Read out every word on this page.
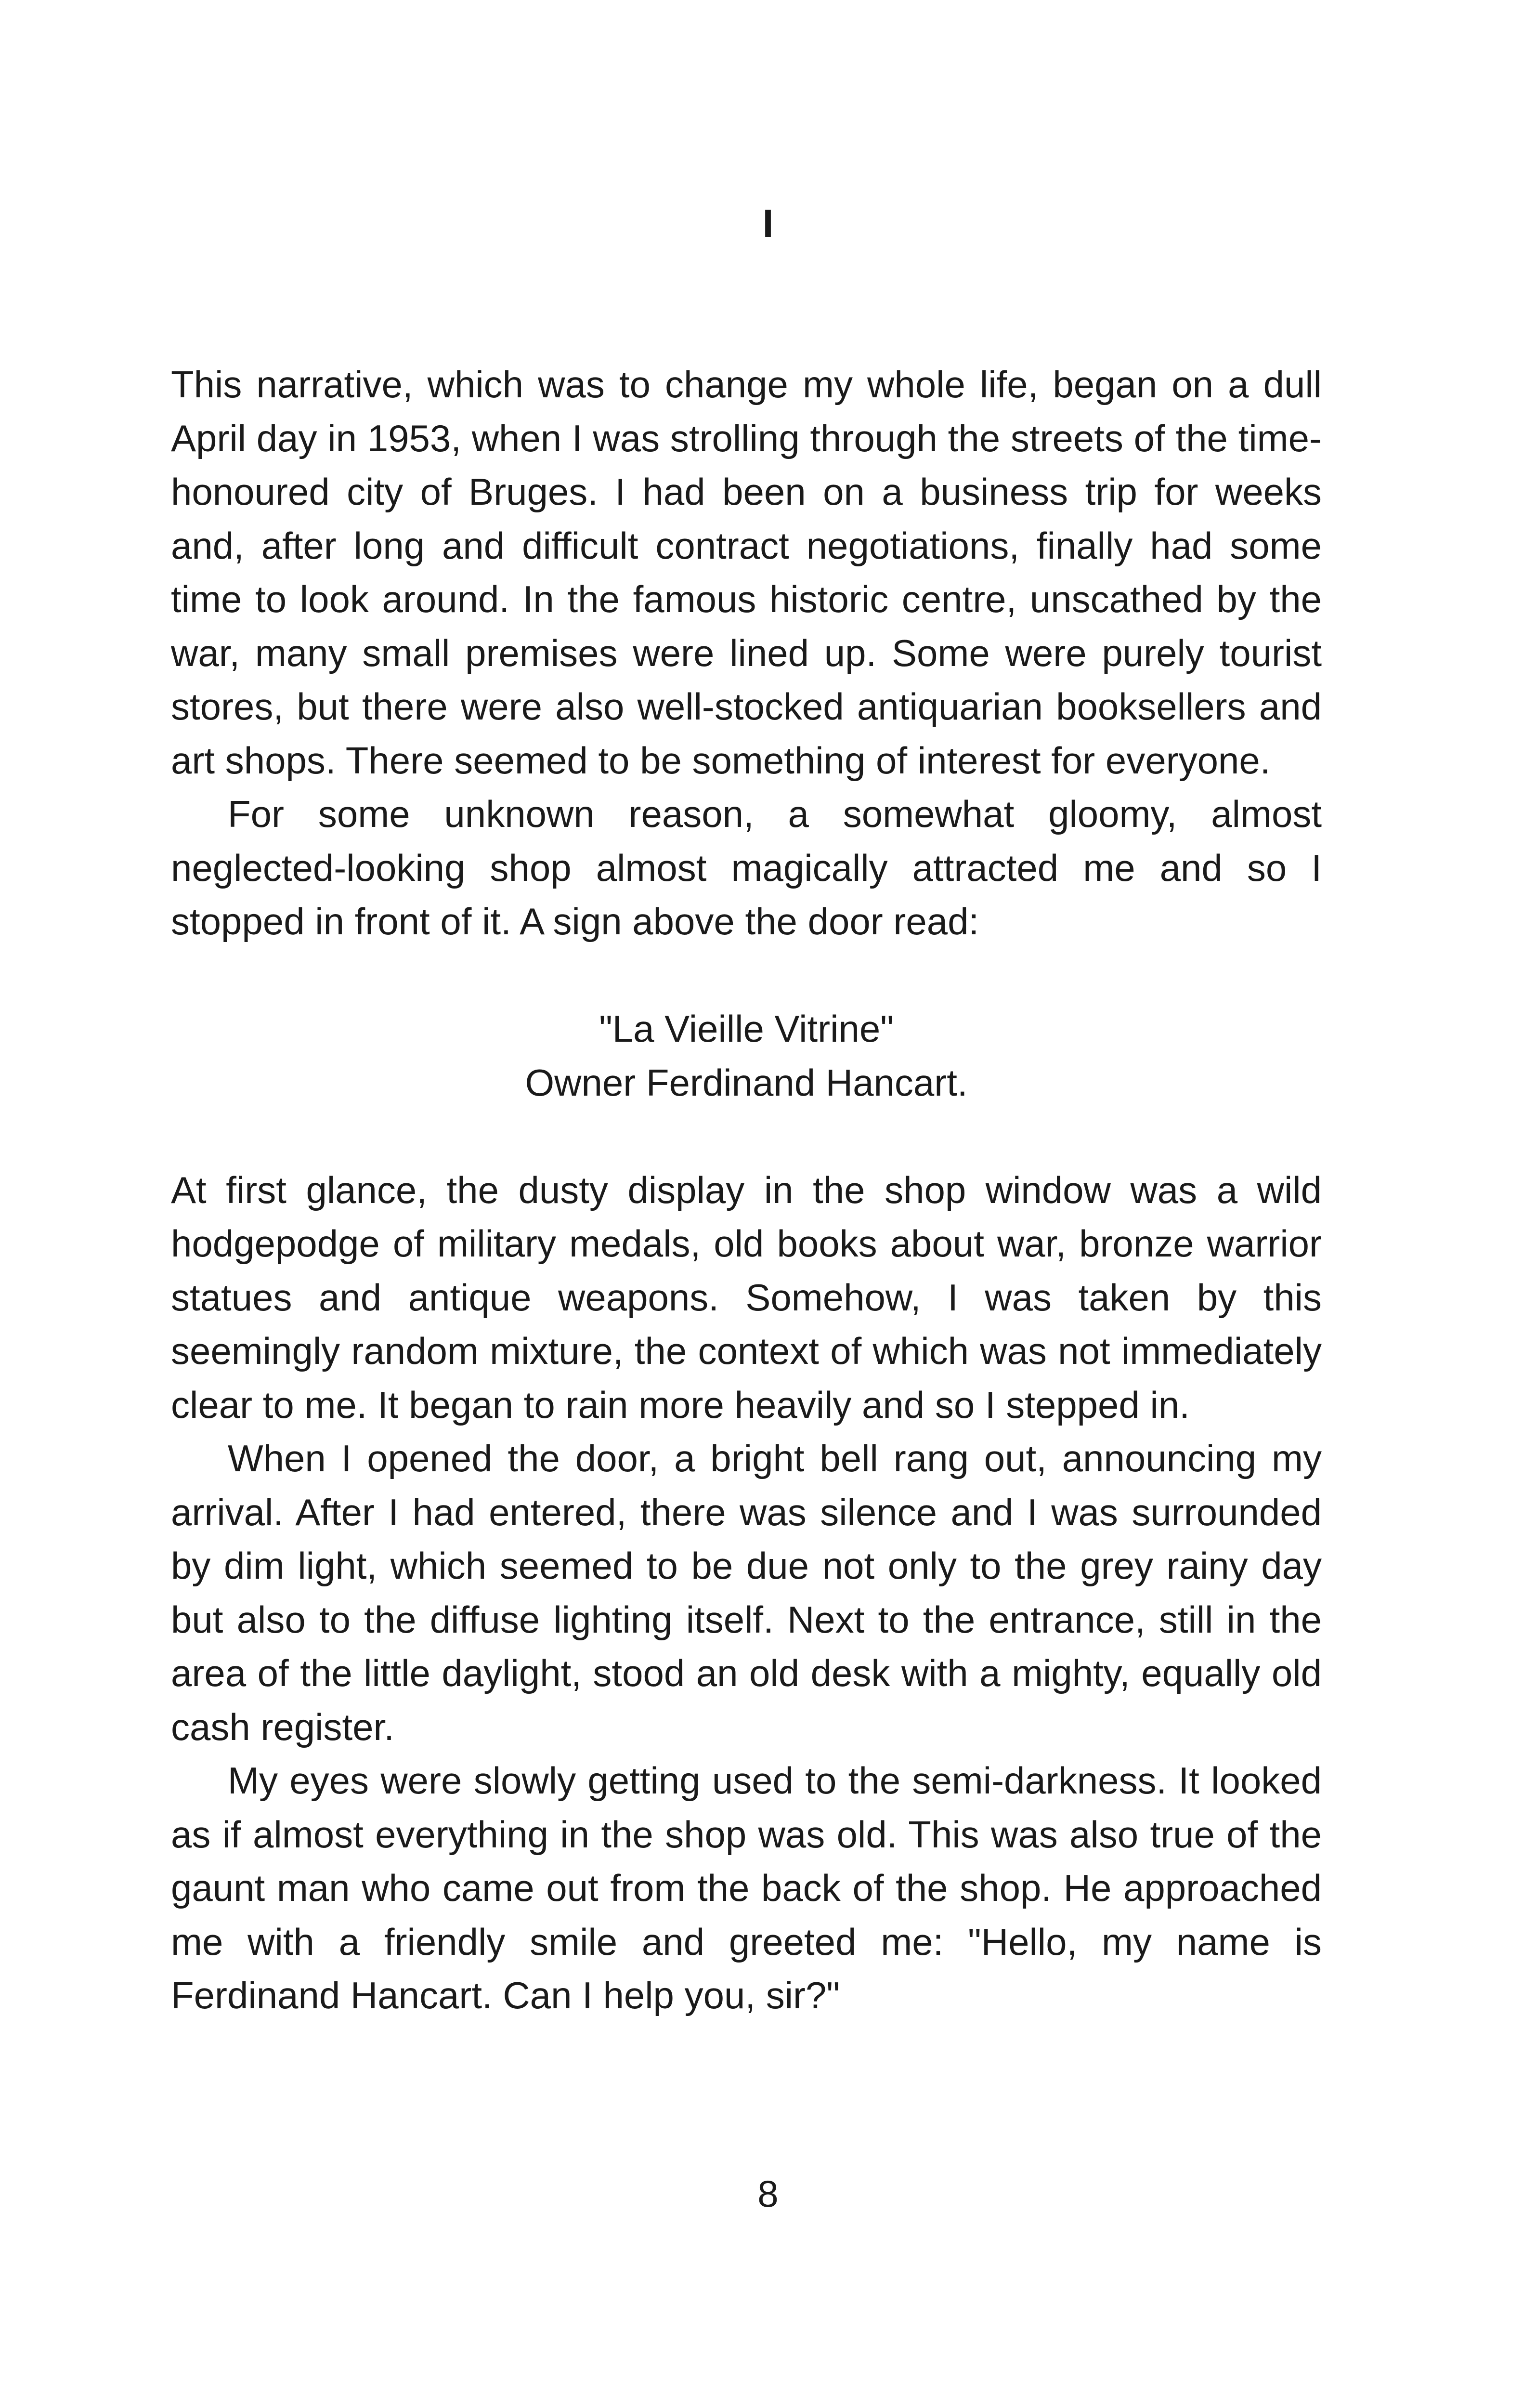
I

This narrative, which was to change my whole life, began on a dull April day in 1953, when I was strolling through the streets of the time-honoured city of Bruges. I had been on a business trip for weeks and, after long and difficult contract negotiations, finally had some time to look around. In the famous historic centre, unscathed by the war, many small premises were lined up. Some were purely tourist stores, but there were also well-stocked antiquarian booksellers and art shops. There seemed to be something of interest for everyone.

For some unknown reason, a somewhat gloomy, almost neglected-looking shop almost magically attracted me and so I stopped in front of it. A sign above the door read:

"La Vieille Vitrine"
Owner Ferdinand Hancart.

At first glance, the dusty display in the shop window was a wild hodgepodge of military medals, old books about war, bronze warrior statues and antique weapons. Somehow, I was taken by this seemingly random mixture, the context of which was not immediately clear to me. It began to rain more heavily and so I stepped in.

When I opened the door, a bright bell rang out, announcing my arrival. After I had entered, there was silence and I was surrounded by dim light, which seemed to be due not only to the grey rainy day but also to the diffuse lighting itself. Next to the entrance, still in the area of the little daylight, stood an old desk with a mighty, equally old cash register.

My eyes were slowly getting used to the semi-darkness. It looked as if almost everything in the shop was old. This was also true of the gaunt man who came out from the back of the shop. He approached me with a friendly smile and greeted me: "Hello, my name is Ferdinand Hancart. Can I help you, sir?"

8
